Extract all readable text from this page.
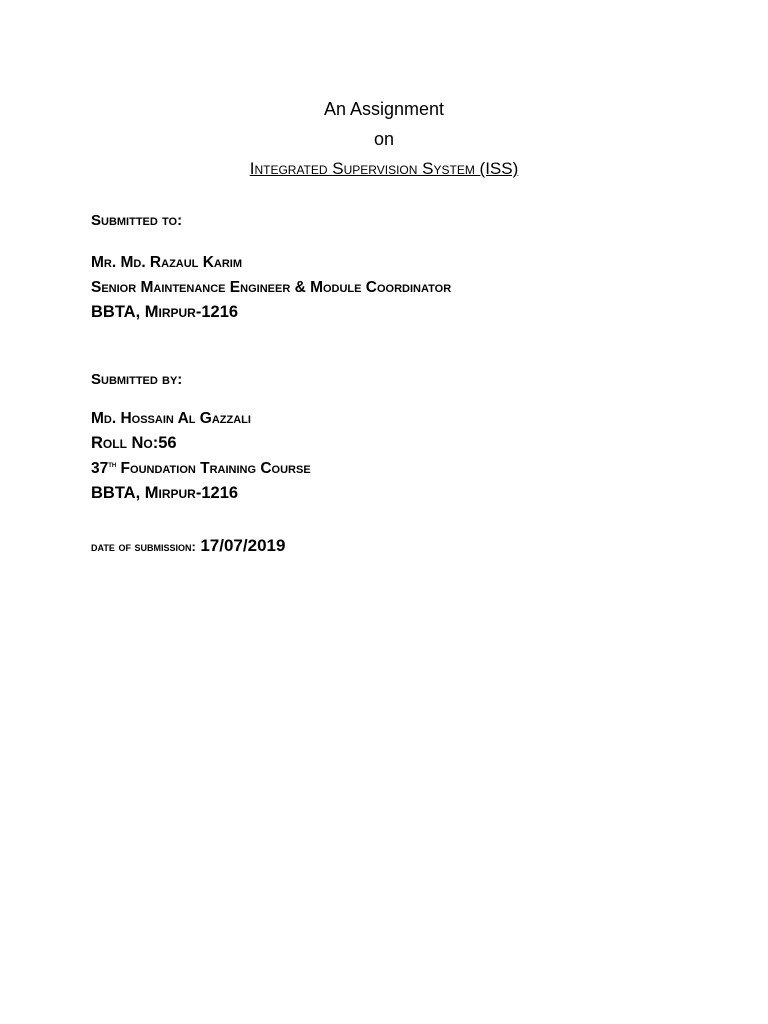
An Assignment
on
Integrated Supervision System (ISS)
Submitted to:
Mr. Md. Razaul Karim
Senior Maintenance Engineer & Module Coordinator
BBTA, Mirpur-1216
Submitted by:
Md. Hossain Al Gazzali
Roll No:56
37th Foundation Training Course
BBTA, Mirpur-1216
date of submission: 17/07/2019
